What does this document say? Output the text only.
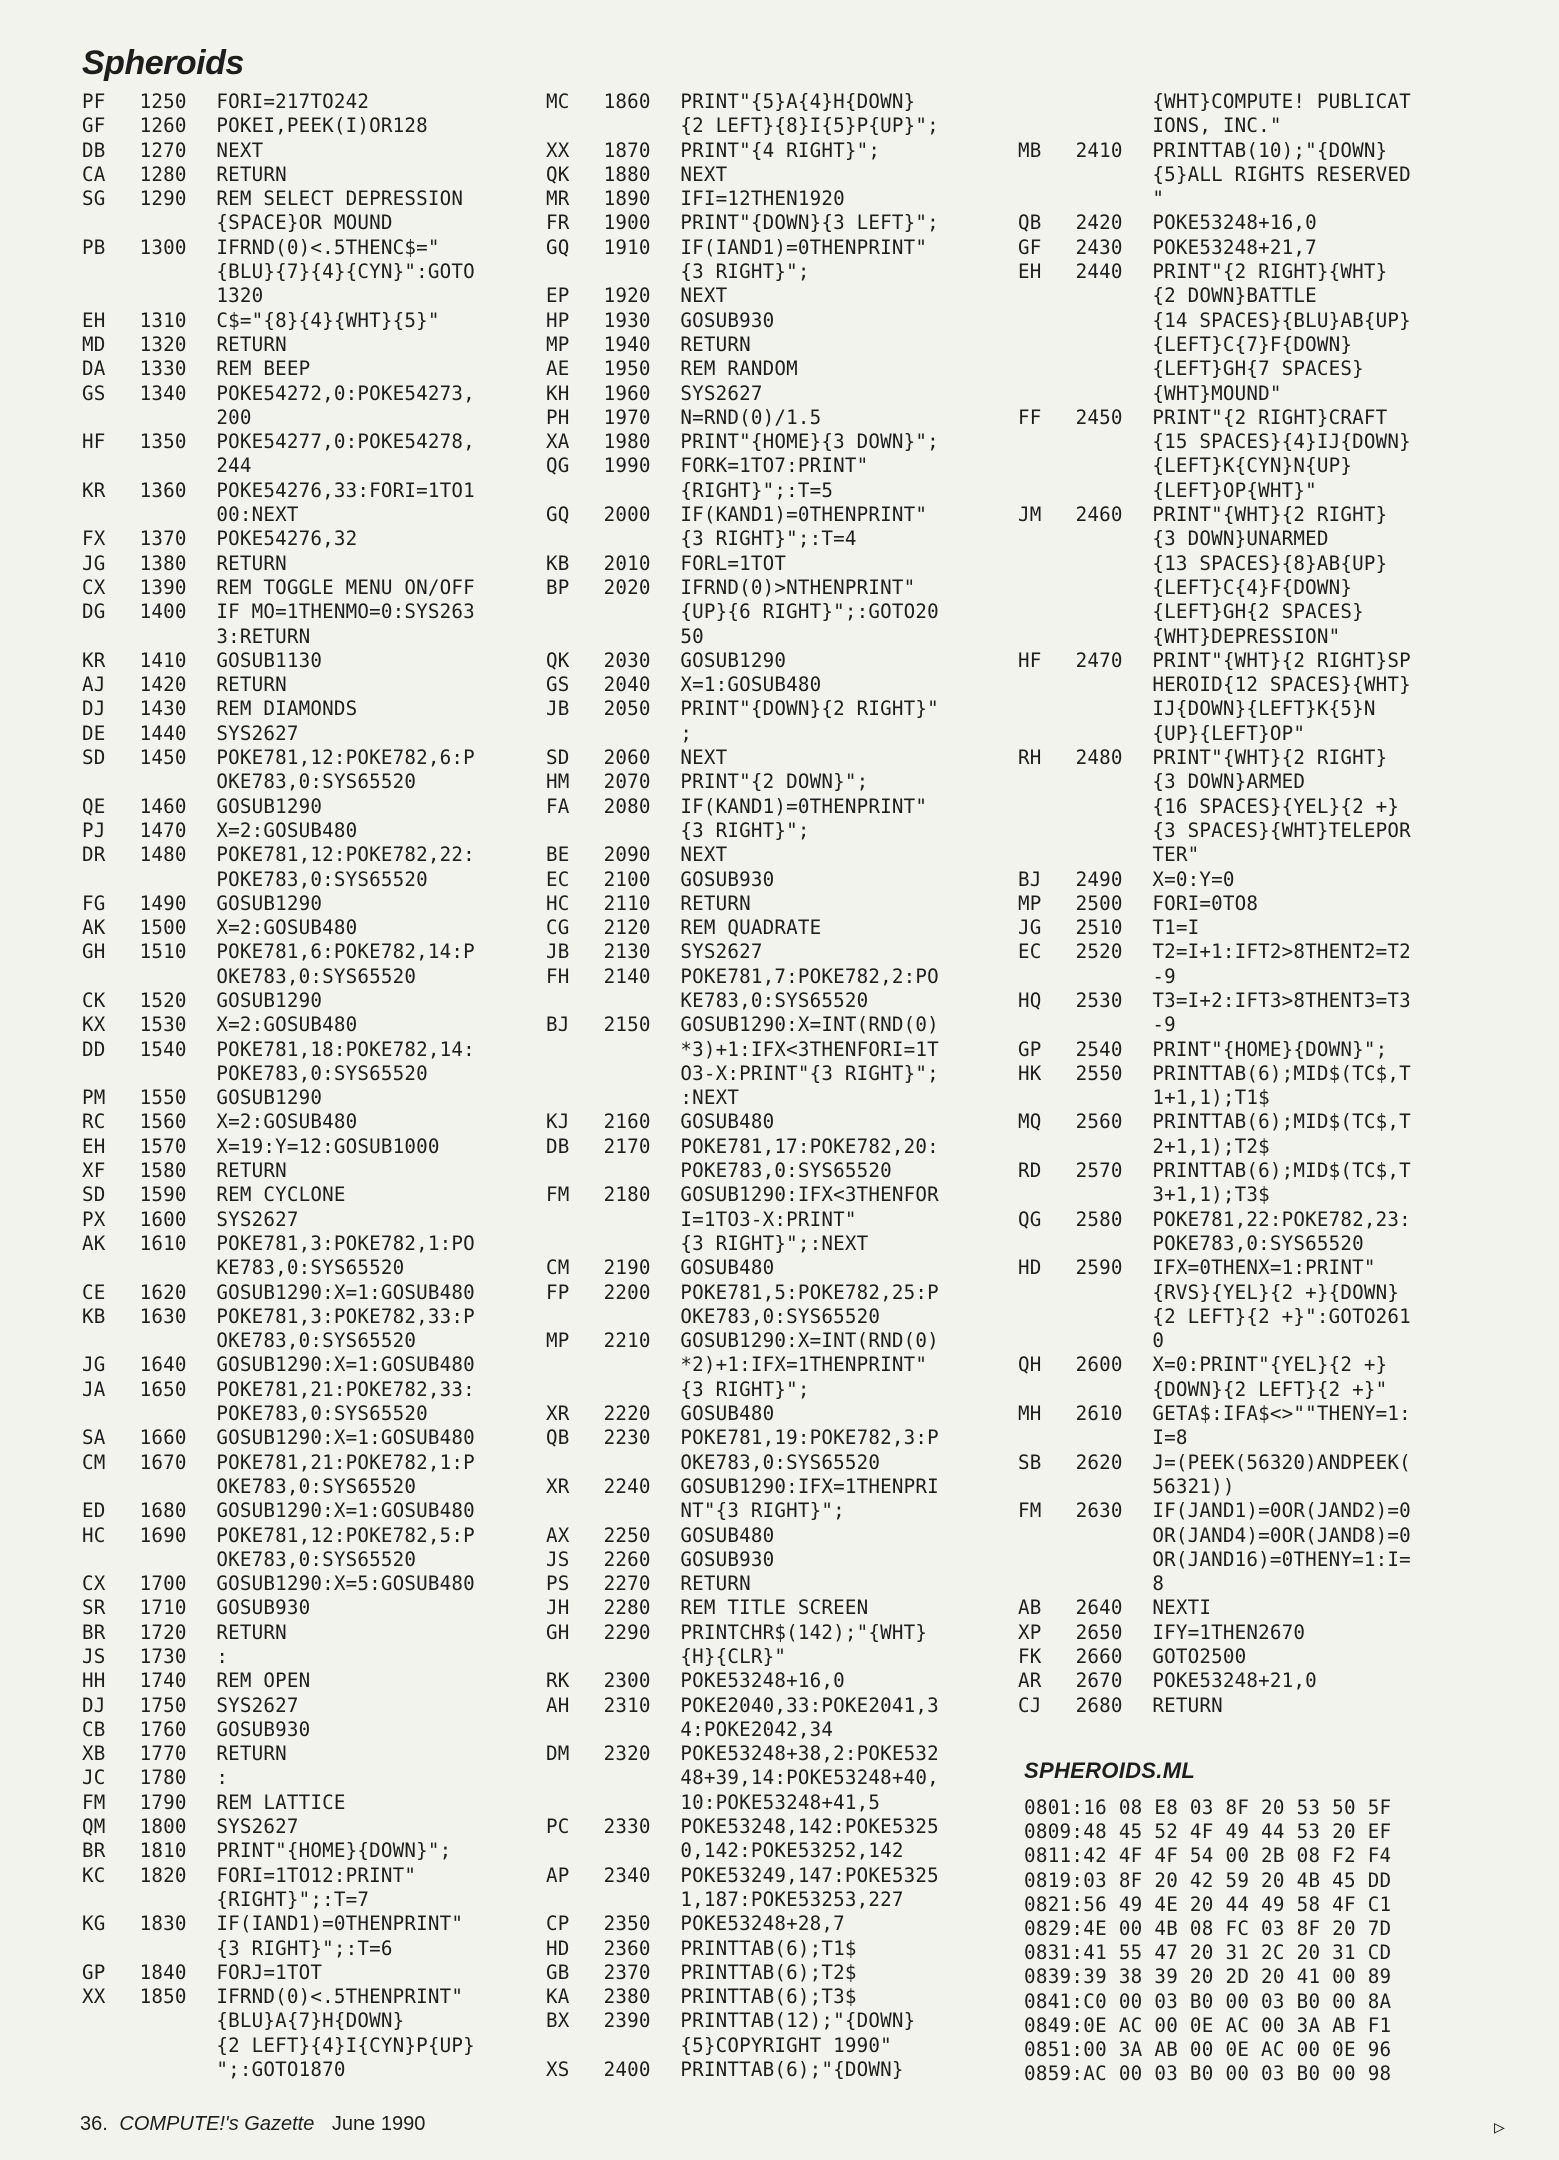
Spheroids
PF 1250 FORI=217TO242
GF 1260 POKEI,PEEK(I)OR128
DB 1270 NEXT
CA 1280 RETURN
SG 1290 REM SELECT DEPRESSION
{SPACE}OR MOUND
PB 1300 IFRND(0)<.5THENC$="
{BLU}{7}{4}{CYN}":GOTO
1320
EH 1310 C$="{8}{4}{WHT}{5}"
MD 1320 RETURN
DA 1330 REM BEEP
GS 1340 POKE54272,0:POKE54273,
200
HF 1350 POKE54277,0:POKE54278,
244
KR 1360 POKE54276,33:FORI=1TO1
00:NEXT
FX 1370 POKE54276,32
JG 1380 RETURN
CX 1390 REM TOGGLE MENU ON/OFF
DG 1400 IF MO=1THENMO=0:SYS263
3:RETURN
KR 1410 GOSUB1130
AJ 1420 RETURN
DJ 1430 REM DIAMONDS
DE 1440 SYS2627
SD 1450 POKE781,12:POKE782,6:P
OKE783,0:SYS65520
QE 1460 GOSUB1290
PJ 1470 X=2:GOSUB480
DR 1480 POKE781,12:POKE782,22:
POKE783,0:SYS65520
FG 1490 GOSUB1290
AK 1500 X=2:GOSUB480
GH 1510 POKE781,6:POKE782,14:P
OKE783,0:SYS65520
CK 1520 GOSUB1290
KX 1530 X=2:GOSUB480
DD 1540 POKE781,18:POKE782,14:
POKE783,0:SYS65520
PM 1550 GOSUB1290
RC 1560 X=2:GOSUB480
EH 1570 X=19:Y=12:GOSUB1000
XF 1580 RETURN
SD 1590 REM CYCLONE
PX 1600 SYS2627
AK 1610 POKE781,3:POKE782,1:PO
KE783,0:SYS65520
CE 1620 GOSUB1290:X=1:GOSUB480
KB 1630 POKE781,3:POKE782,33:P
OKE783,0:SYS65520
JG 1640 GOSUB1290:X=1:GOSUB480
JA 1650 POKE781,21:POKE782,33:
POKE783,0:SYS65520
SA 1660 GOSUB1290:X=1:GOSUB480
CM 1670 POKE781,21:POKE782,1:P
OKE783,0:SYS65520
ED 1680 GOSUB1290:X=1:GOSUB480
HC 1690 POKE781,12:POKE782,5:P
OKE783,0:SYS65520
CX 1700 GOSUB1290:X=5:GOSUB480
SR 1710 GOSUB930
BR 1720 RETURN
JS 1730 :
HH 1740 REM OPEN
DJ 1750 SYS2627
CB 1760 GOSUB930
XB 1770 RETURN
JC 1780 :
FM 1790 REM LATTICE
QM 1800 SYS2627
BR 1810 PRINT"{HOME}{DOWN}";
KC 1820 FORI=1TO12:PRINT"
{RIGHT}";:T=7
KG 1830 IF(IAND1)=0THENPRINT"
{3 RIGHT}";:T=6
GP 1840 FORJ=1TOT
XX 1850 IFRND(0)<.5THENPRINT"
{BLU}A{7}H{DOWN}
{2 LEFT}{4}I{CYN}P{UP}
";:GOTO1870
MC 1860 PRINT"{5}A{4}H{DOWN}
{2 LEFT}{8}I{5}P{UP}";
XX 1870 PRINT"{4 RIGHT}";
QK 1880 NEXT
MR 1890 IFI=12THEN1920
FR 1900 PRINT"{DOWN}{3 LEFT}";
GQ 1910 IF(IAND1)=0THENPRINT"
{3 RIGHT}";
EP 1920 NEXT
HP 1930 GOSUB930
MP 1940 RETURN
AE 1950 REM RANDOM
KH 1960 SYS2627
PH 1970 N=RND(0)/1.5
XA 1980 PRINT"{HOME}{3 DOWN}";
QG 1990 FORK=1TO7:PRINT"
{RIGHT}";:T=5
GQ 2000 IF(KAND1)=0THENPRINT"
{3 RIGHT}";:T=4
KB 2010 FORL=1TOT
BP 2020 IFRND(0)>NTHENPRINT"
{UP}{6 RIGHT}";:GOTO20
50
QK 2030 GOSUB1290
GS 2040 X=1:GOSUB480
JB 2050 PRINT"{DOWN}{2 RIGHT}"
;
SD 2060 NEXT
HM 2070 PRINT"{2 DOWN}";
FA 2080 IF(KAND1)=0THENPRINT"
{3 RIGHT}";
BE 2090 NEXT
EC 2100 GOSUB930
HC 2110 RETURN
CG 2120 REM QUADRATE
JB 2130 SYS2627
FH 2140 POKE781,7:POKE782,2:PO
KE783,0:SYS65520
BJ 2150 GOSUB1290:X=INT(RND(0)
*3)+1:IFX<3THENFORI=1T
O3-X:PRINT"{3 RIGHT}";
:NEXT
KJ 2160 GOSUB480
DB 2170 POKE781,17:POKE782,20:
POKE783,0:SYS65520
FM 2180 GOSUB1290:IFX<3THENFOR
I=1TO3-X:PRINT"
{3 RIGHT}";:NEXT
CM 2190 GOSUB480
FP 2200 POKE781,5:POKE782,25:P
OKE783,0:SYS65520
MP 2210 GOSUB1290:X=INT(RND(0)
*2)+1:IFX=1THENPRINT"
{3 RIGHT}";
XR 2220 GOSUB480
QB 2230 POKE781,19:POKE782,3:P
OKE783,0:SYS65520
XR 2240 GOSUB1290:IFX=1THENPRI
NT"{3 RIGHT}";
AX 2250 GOSUB480
JS 2260 GOSUB930
PS 2270 RETURN
JH 2280 REM TITLE SCREEN
GH 2290 PRINTCHR$(142);"{WHT}
{H}{CLR}"
RK 2300 POKE53248+16,0
AH 2310 POKE2040,33:POKE2041,3
4:POKE2042,34
DM 2320 POKE53248+38,2:POKE532
48+39,14:POKE53248+40,
10:POKE53248+41,5
PC 2330 POKE53248,142:POKE5325
0,142:POKE53252,142
AP 2340 POKE53249,147:POKE5325
1,187:POKE53253,227
CP 2350 POKE53248+28,7
HD 2360 PRINTTAB(6);T1$
GB 2370 PRINTTAB(6);T2$
KA 2380 PRINTTAB(6);T3$
BX 2390 PRINTTAB(12);"{DOWN}
{5}COPYRIGHT 1990"
XS 2400 PRINTTAB(6);"{DOWN}
{WHT}COMPUTE! PUBLICAT
IONS, INC."
MB 2410 PRINTTAB(10);"{DOWN}
{5}ALL RIGHTS RESERVED
"
QB 2420 POKE53248+16,0
GF 2430 POKE53248+21,7
EH 2440 PRINT"{2 RIGHT}{WHT}
{2 DOWN}BATTLE
{14 SPACES}{BLU}AB{UP}
{LEFT}C{7}F{DOWN}
{LEFT}GH{7 SPACES}
{WHT}MOUND"
FF 2450 PRINT"{2 RIGHT}CRAFT
{15 SPACES}{4}IJ{DOWN}
{LEFT}K{CYN}N{UP}
{LEFT}OP{WHT}"
JM 2460 PRINT"{WHT}{2 RIGHT}
{3 DOWN}UNARMED
{13 SPACES}{8}AB{UP}
{LEFT}C{4}F{DOWN}
{LEFT}GH{2 SPACES}
{WHT}DEPRESSION"
HF 2470 PRINT"{WHT}{2 RIGHT}SP
HEROID{12 SPACES}{WHT}
IJ{DOWN}{LEFT}K{5}N
{UP}{LEFT}OP"
RH 2480 PRINT"{WHT}{2 RIGHT}
{3 DOWN}ARMED
{16 SPACES}{YEL}{2 +}
{3 SPACES}{WHT}TELEPOR
TER"
BJ 2490 X=0:Y=0
MP 2500 FORI=0TO8
JG 2510 T1=I
EC 2520 T2=I+1:IFT2>8THENT2=T2
-9
HQ 2530 T3=I+2:IFT3>8THENT3=T3
-9
GP 2540 PRINT"{HOME}{DOWN}";
HK 2550 PRINTTAB(6);MID$(TC$,T
1+1,1);T1$
MQ 2560 PRINTTAB(6);MID$(TC$,T
2+1,1);T2$
RD 2570 PRINTTAB(6);MID$(TC$,T
3+1,1);T3$
QG 2580 POKE781,22:POKE782,23:
POKE783,0:SYS65520
HD 2590 IFX=0THENX=1:PRINT"
{RVS}{YEL}{2 +}{DOWN}
{2 LEFT}{2 +}":GOTO261
0
QH 2600 X=0:PRINT"{YEL}{2 +}
{DOWN}{2 LEFT}{2 +}"
MH 2610 GETA$:IFA$<>""THENY=1:
I=8
SB 2620 J=(PEEK(56320)ANDPEEK(
56321))
FM 2630 IF(JAND1)=0OR(JAND2)=0
OR(JAND4)=0OR(JAND8)=0
OR(JAND16)=0THENY=1:I=
8
AB 2640 NEXTI
XP 2650 IFY=1THEN2670
FK 2660 GOTO2500
AR 2670 POKE53248+21,0
CJ 2680 RETURN
SPHEROIDS.ML
0801:16 08 E8 03 8F 20 53 50 5F
0809:48 45 52 4F 49 44 53 20 EF
0811:42 4F 4F 54 00 2B 08 F2 F4
0819:03 8F 20 42 59 20 4B 45 DD
0821:56 49 4E 20 44 49 58 4F C1
0829:4E 00 4B 08 FC 03 8F 20 7D
0831:41 55 47 20 31 2C 20 31 CD
0839:39 38 39 20 2D 20 41 00 89
0841:C0 00 03 B0 00 03 B0 00 8A
0849:0E AC 00 0E AC 00 3A AB F1
0851:00 3A AB 00 0E AC 00 0E 96
0859:AC 00 03 B0 00 03 B0 00 98
▷
36. COMPUTE!'s Gazette June 1990
